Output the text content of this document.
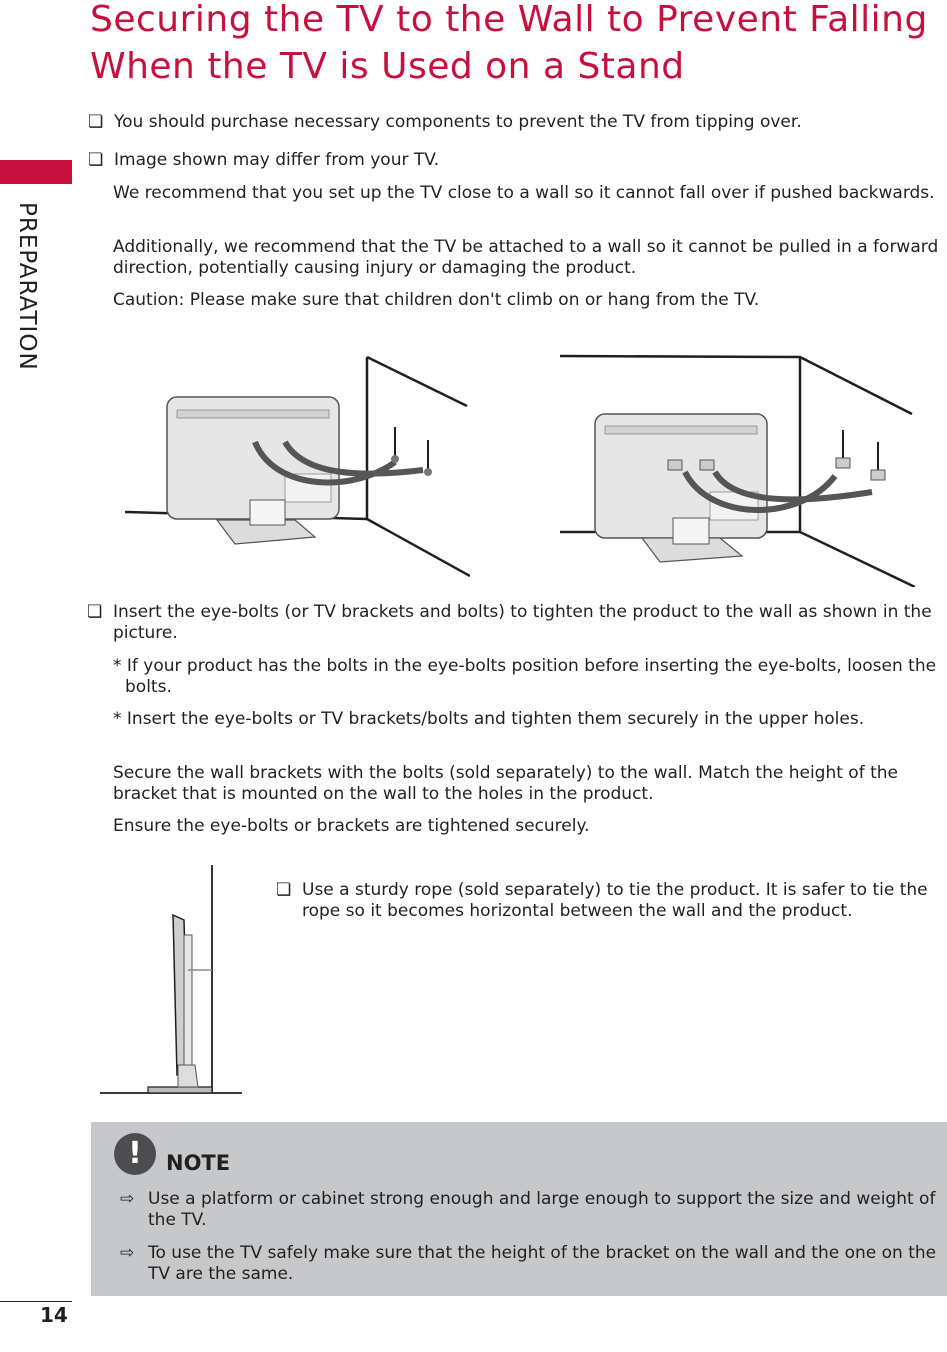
PREPARATION
Securing the TV to the Wall to Prevent Falling When the TV is Used on a Stand
❏ You should purchase necessary components to prevent the TV from tipping over.
❏ Image shown may differ from your TV.
We recommend that you set up the TV close to a wall so it cannot fall over if pushed backwards.
Additionally, we recommend that the TV be attached to a wall so it cannot be pulled in a forward direction, potentially causing injury or damaging the product.
Caution: Please make sure that children don't climb on or hang from the TV.
❏ Insert the eye-bolts (or TV brackets and bolts) to tighten the product to the wall as shown in the picture.
* If your product has the bolts in the eye-bolts position before inserting the eye-bolts, loosen the bolts.
* Insert the eye-bolts or TV brackets/bolts and tighten them securely in the upper holes.
Secure the wall brackets with the bolts (sold separately) to the wall. Match the height of the bracket that is mounted on the wall to the holes in the product.
Ensure the eye-bolts or brackets are tightened securely.
❏ Use a sturdy rope (sold separately) to tie the product. It is safer to tie the rope so it becomes horizontal between the wall and the product.
!	NOTE
⇨ Use a platform or cabinet strong enough and large enough to support the size and weight of the TV.
⇨ To use the TV safely make sure that the height of the bracket on the wall and the one on the TV are the same.
14
